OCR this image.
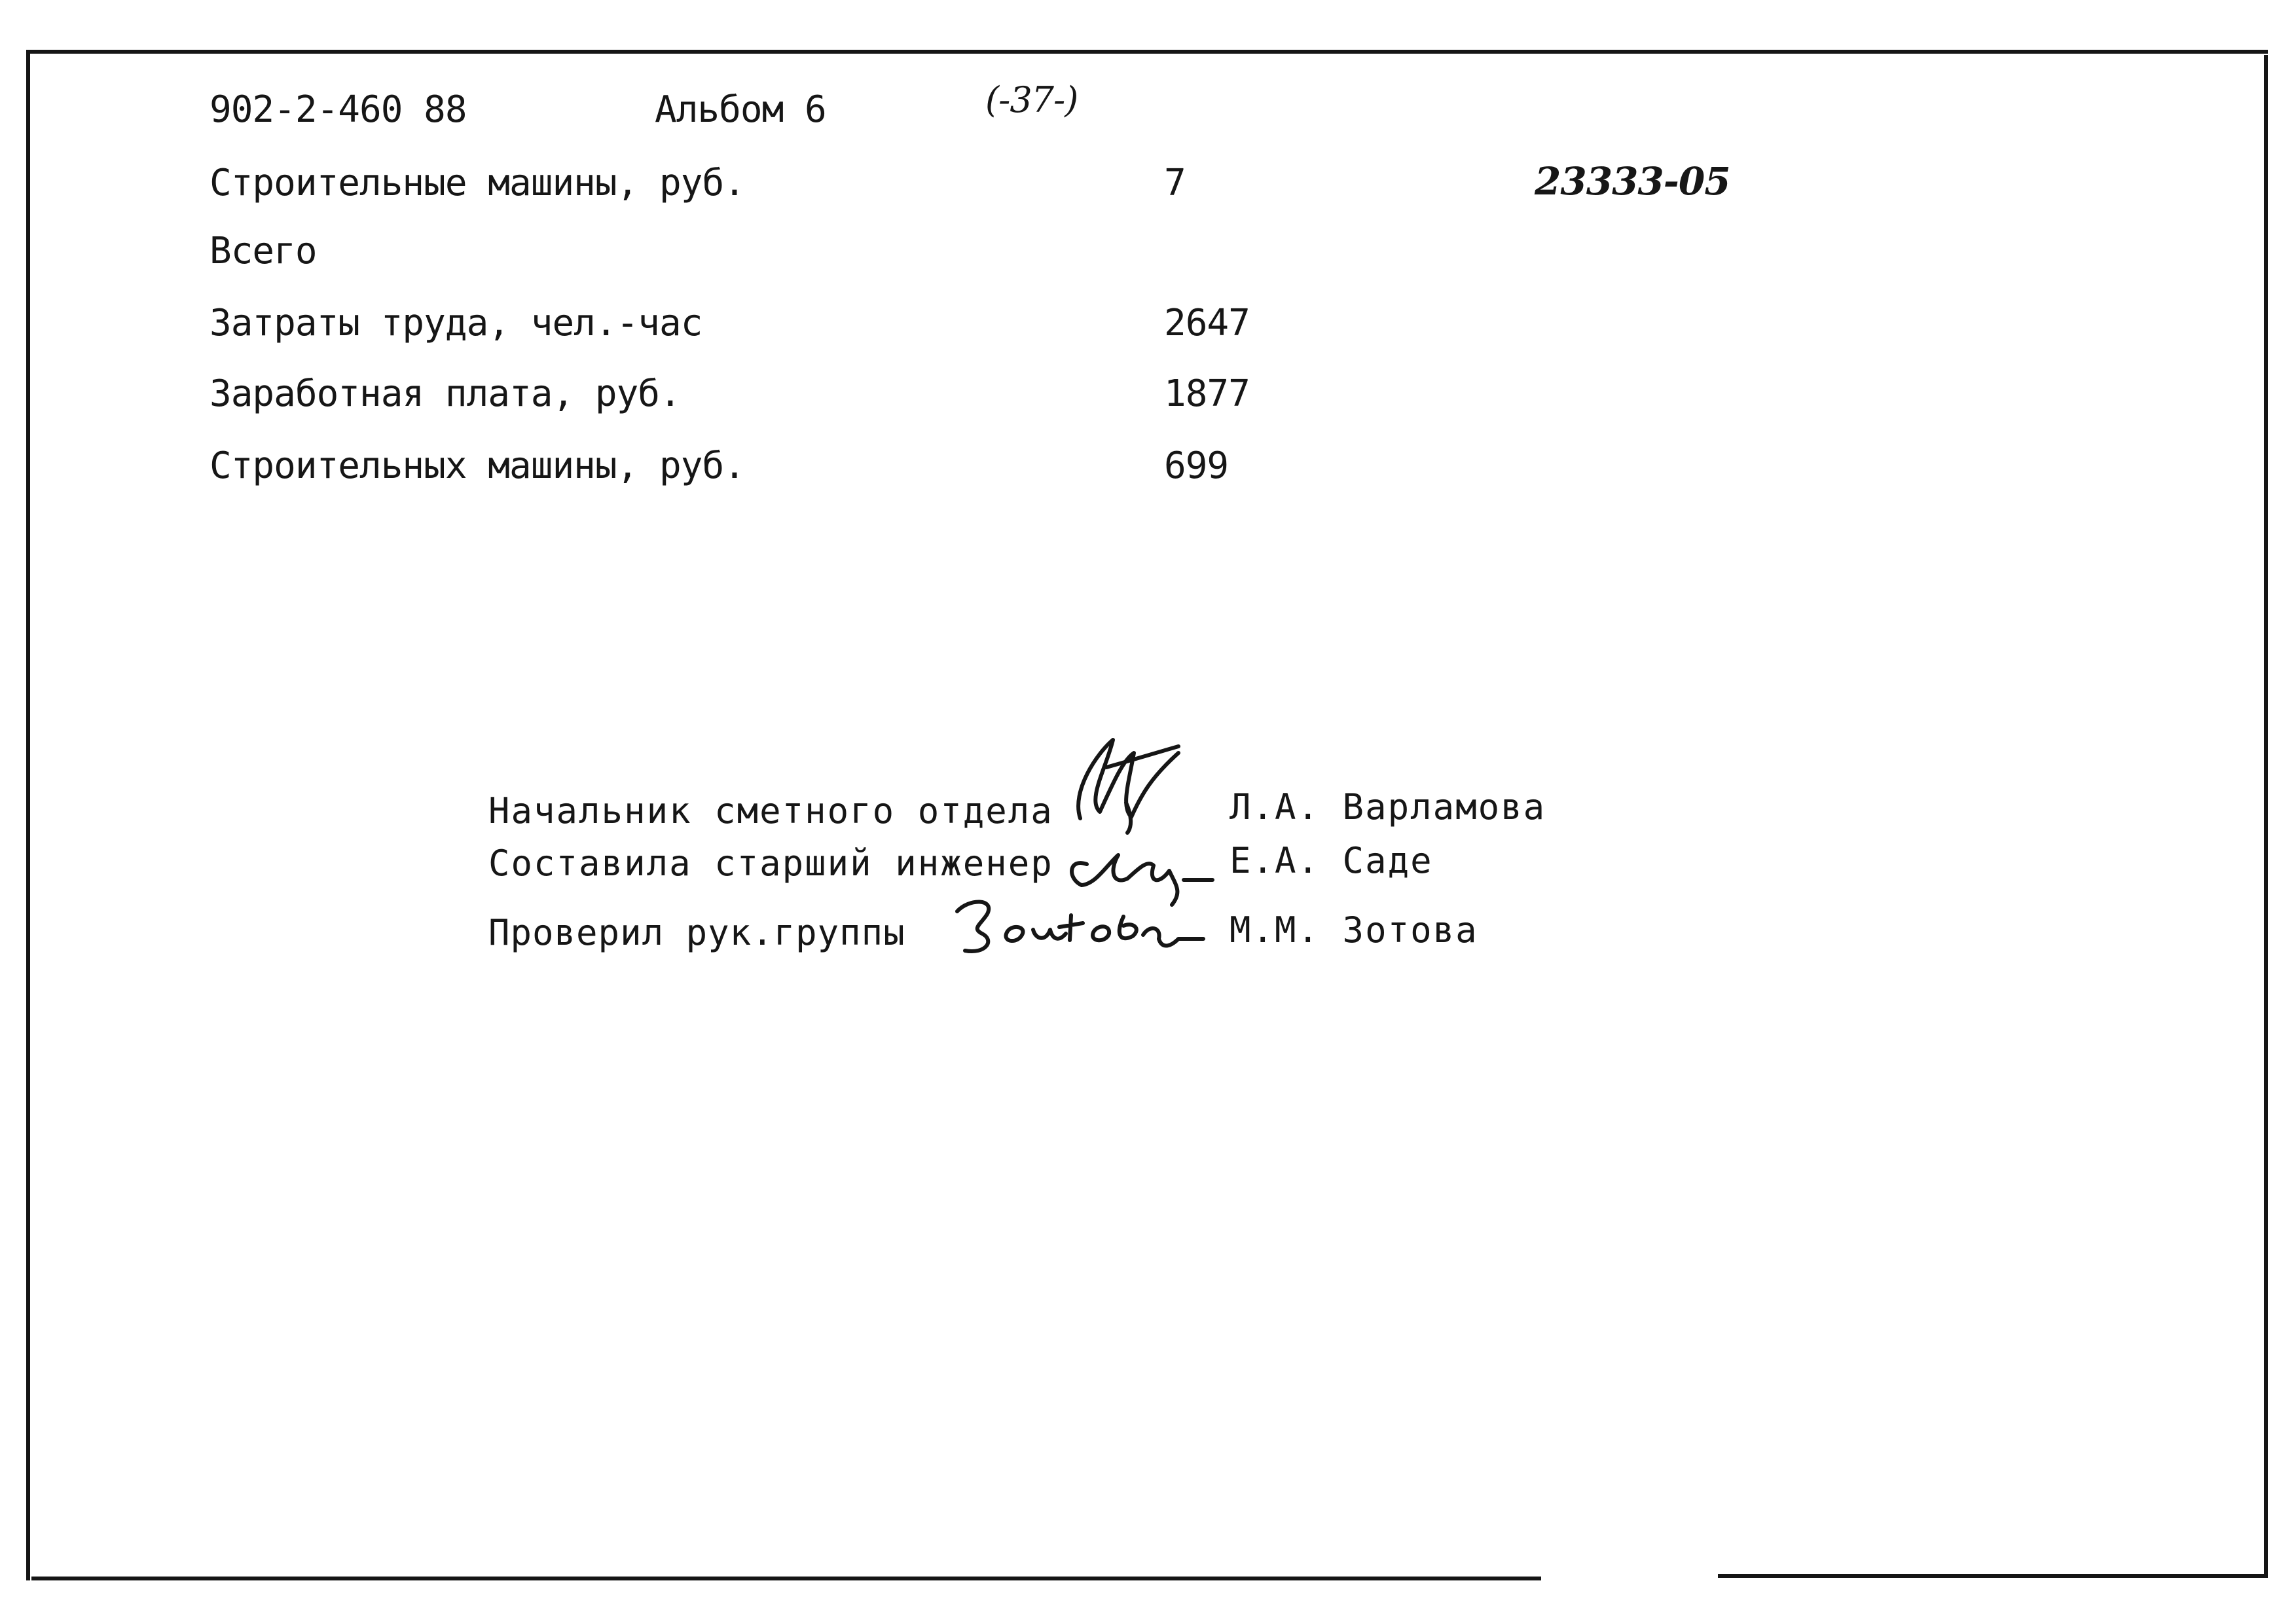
902-2-460 88	Альбом 6	(-37-)
23333-05
Строительные машины, руб.	7
Всего
Затраты труда, чел.-час	2647
Заработная плата, руб.	1877
Строительных машины, руб.	699
Начальник сметного отдела	Л.А. Варламова
Составила старший инженер	Е.А. Саде
Проверил рук.группы	М.М. Зотова
